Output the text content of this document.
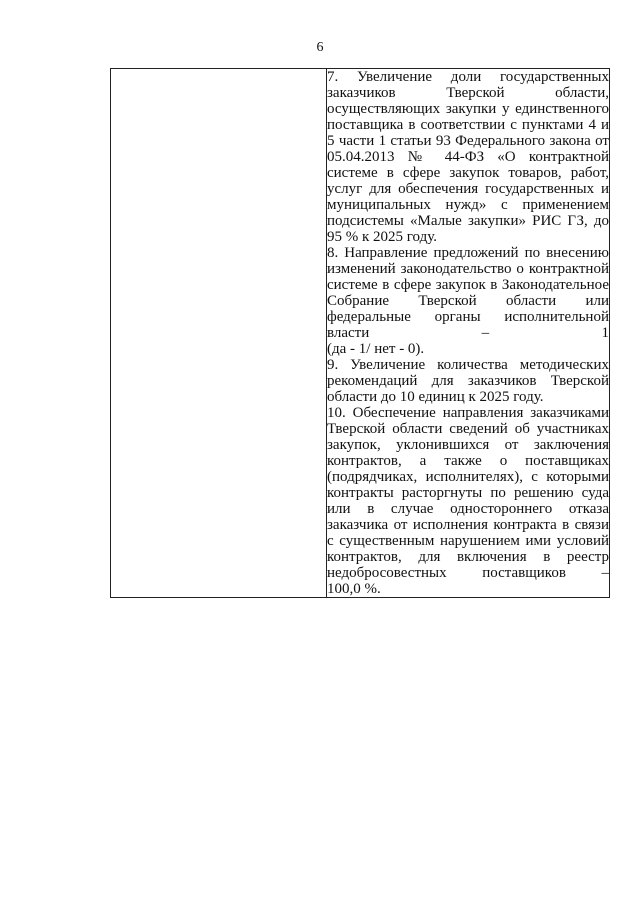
6

7. Увеличение доли государственных заказчиков Тверской области, осуществляющих закупки у единственного поставщика в соответствии с пунктами 4 и 5 части 1 статьи 93 Федерального закона от 05.04.2013 № 44-ФЗ «О контрактной системе в сфере закупок товаров, работ, услуг для обеспечения государственных и муниципальных нужд» с применением подсистемы «Малые закупки» РИС ГЗ, до
95 % к 2025 году.

8. Направление предложений по внесению изменений законодательство о контрактной системе в сфере закупок в Законодательное Собрание Тверской области или федеральные органы исполнительной власти – 1
(да - 1/ нет - 0).

9. Увеличение количества методических рекомендаций для заказчиков Тверской
области до 10 единиц к 2025 году.

10. Обеспечение направления заказчиками Тверской области сведений об участниках закупок, уклонившихся от заключения контрактов, а также о поставщиках (подрядчиках, исполнителях), с которыми контракты расторгнуты по решению суда или в случае одностороннего отказа заказчика от исполнения контракта в связи с существенным нарушением ими условий контрактов, для включения в реестр недобросовестных поставщиков –
100,0 %.
